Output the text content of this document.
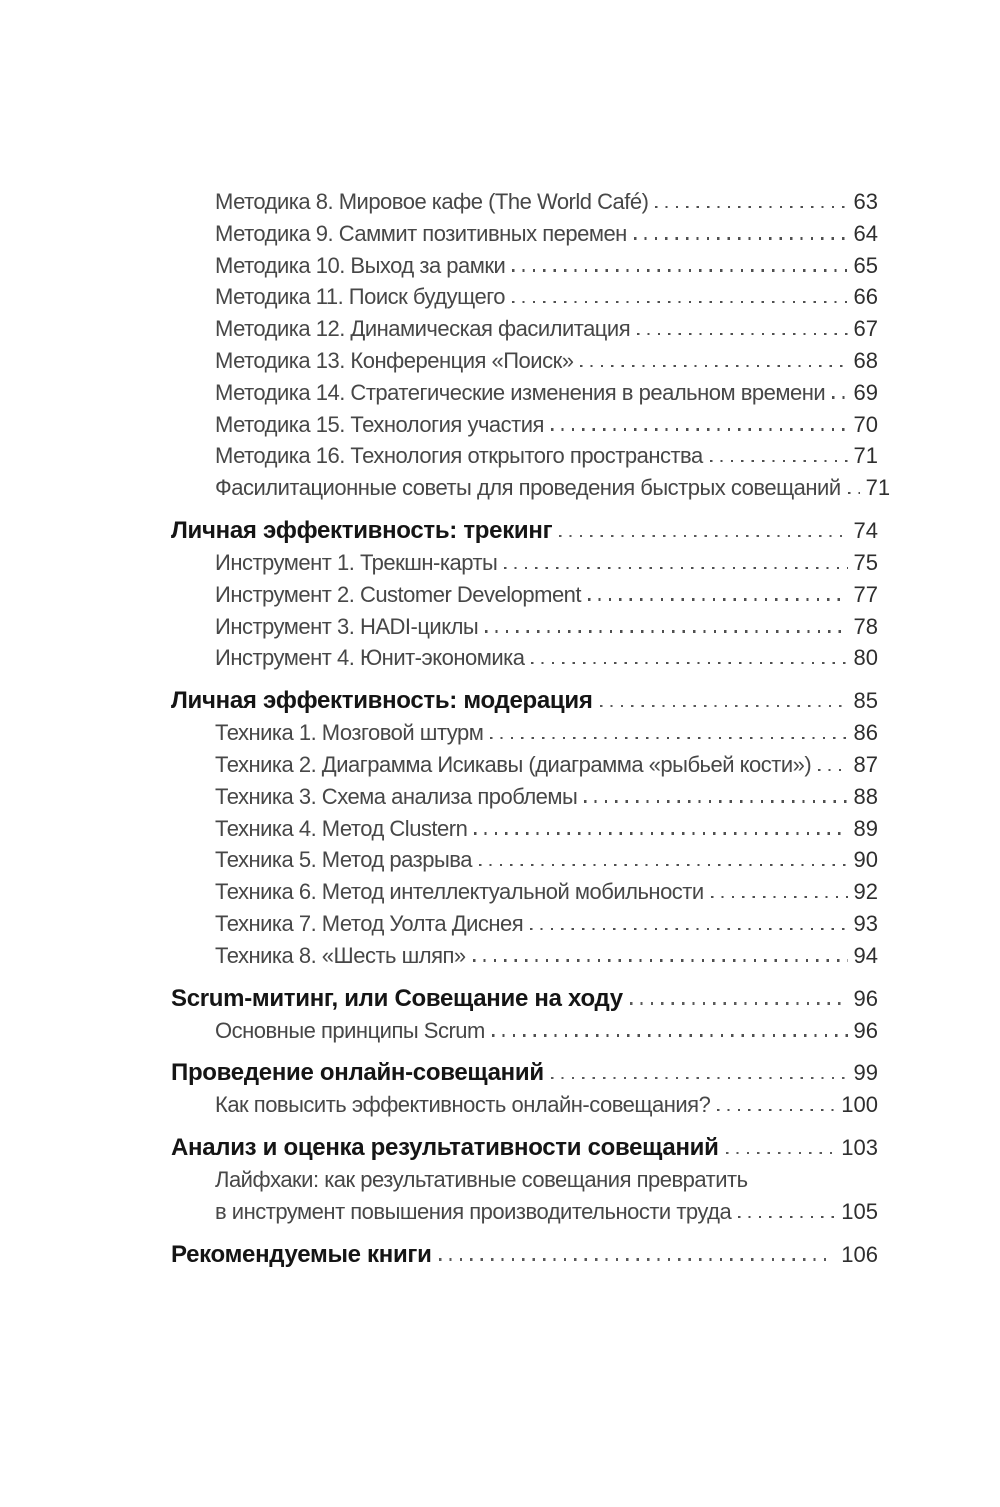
Методика 8. Мировое кафе (The World Café)	63
Методика 9. Саммит позитивных перемен	64
Методика 10. Выход за рамки	65
Методика 11. Поиск будущего	66
Методика 12. Динамическая фасилитация	67
Методика 13. Конференция «Поиск»	68
Методика 14. Стратегические изменения в реальном времени 69
Методика 15. Технология участия	70
Методика 16. Технология открытого пространства	71
Фасилитационные советы для проведения быстрых совещаний 71
Личная эффективность: трекинг	74
Инструмент 1. Трекшн-карты	75
Инструмент 2. Customer Development	77
Инструмент 3. HADI-циклы	78
Инструмент 4. Юнит-экономика	80
Личная эффективность: модерация	85
Техника 1. Мозговой штурм	86
Техника 2. Диаграмма Исикавы (диаграмма «рыбьей кости») 87
Техника 3. Схема анализа проблемы	88
Техника 4. Метод Clustern	89
Техника 5. Метод разрыва	90
Техника 6. Метод интеллектуальной мобильности	92
Техника 7. Метод Уолта Диснея	93
Техника 8. «Шесть шляп»	94
Scrum-митинг, или Совещание на ходу	96
Основные принципы Scrum	96
Проведение онлайн-совещаний	99
Как повысить эффективность онлайн-совещания?	100
Анализ и оценка результативности совещаний	103
Лайфхаки: как результативные совещания превратить
в инструмент повышения производительности труда	105
Рекомендуемые книги	106
